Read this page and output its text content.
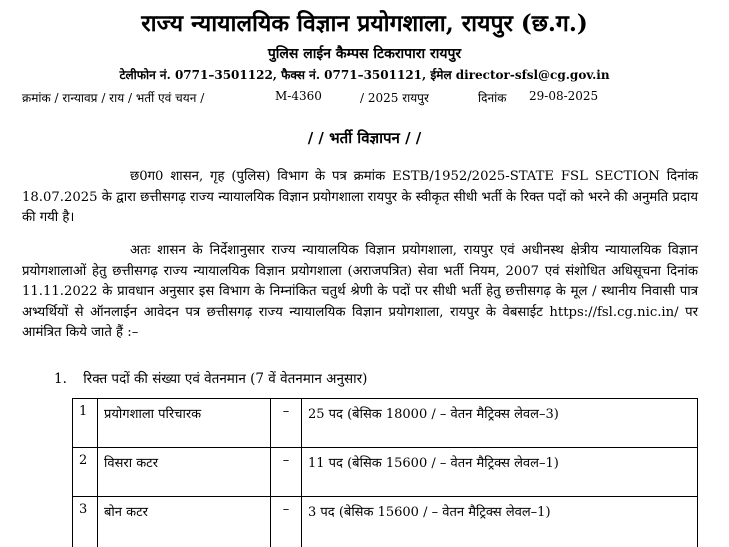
राज्य न्यायालयिक विज्ञान प्रयोगशाला, रायपुर (छ.ग.)
पुलिस लाईन कैम्पस टिकरापारा रायपुर
टेलीफोन नं. 0771–3501122, फैक्स नं. 0771–3501121, ईमेल director-sfsl@cg.gov.in
क्रमांक / रान्यावप्र / राय / भर्ती एवं चयन /	M-4360	/ 2025 रायपुर	दिनांक 29-08-2025
/ / भर्ती विज्ञापन / /
छ0ग0 शासन, गृह (पुलिस) विभाग के पत्र क्रमांक ESTB/1952/2025-STATE FSL SECTION दिनांक 18.07.2025 के द्वारा छत्तीसगढ़ राज्य न्यायालयिक विज्ञान प्रयोगशाला रायपुर के स्वीकृत सीधी भर्ती के रिक्त पदों को भरने की अनुमति प्रदाय की गयी है।
अतः शासन के निर्देशानुसार राज्य न्यायालयिक विज्ञान प्रयोगशाला, रायपुर एवं अधीनस्थ क्षेत्रीय न्यायालयिक विज्ञान प्रयोगशालाओं हेतु छत्तीसगढ़ राज्य न्यायालयिक विज्ञान प्रयोगशाला (अराजपत्रित) सेवा भर्ती नियम, 2007 एवं संशोधित अधिसूचना दिनांक 11.11.2022 के प्रावधान अनुसार इस विभाग के निम्नांकित चतुर्थ श्रेणी के पदों पर सीधी भर्ती हेतु छत्तीसगढ़ के मूल / स्थानीय निवासी पात्र अभ्यर्थियों से ऑनलाईन आवेदन पत्र छत्तीसगढ़ राज्य न्यायालयिक विज्ञान प्रयोगशाला, रायपुर के वेबसाईट https://fsl.cg.nic.in/ पर आमंत्रित किये जाते हैं :–
1. रिक्त पदों की संख्या एवं वेतनमान (7 वें वेतनमान अनुसार)
1	प्रयोगशाला परिचारक	–	25 पद (बेसिक 18000 / – वेतन मैट्रिक्स लेवल–3)
2	विसरा कटर	–	11 पद (बेसिक 15600 / – वेतन मैट्रिक्स लेवल–1)
3	बोन कटर	–	3 पद (बेसिक 15600 / – वेतन मैट्रिक्स लेवल–1)
